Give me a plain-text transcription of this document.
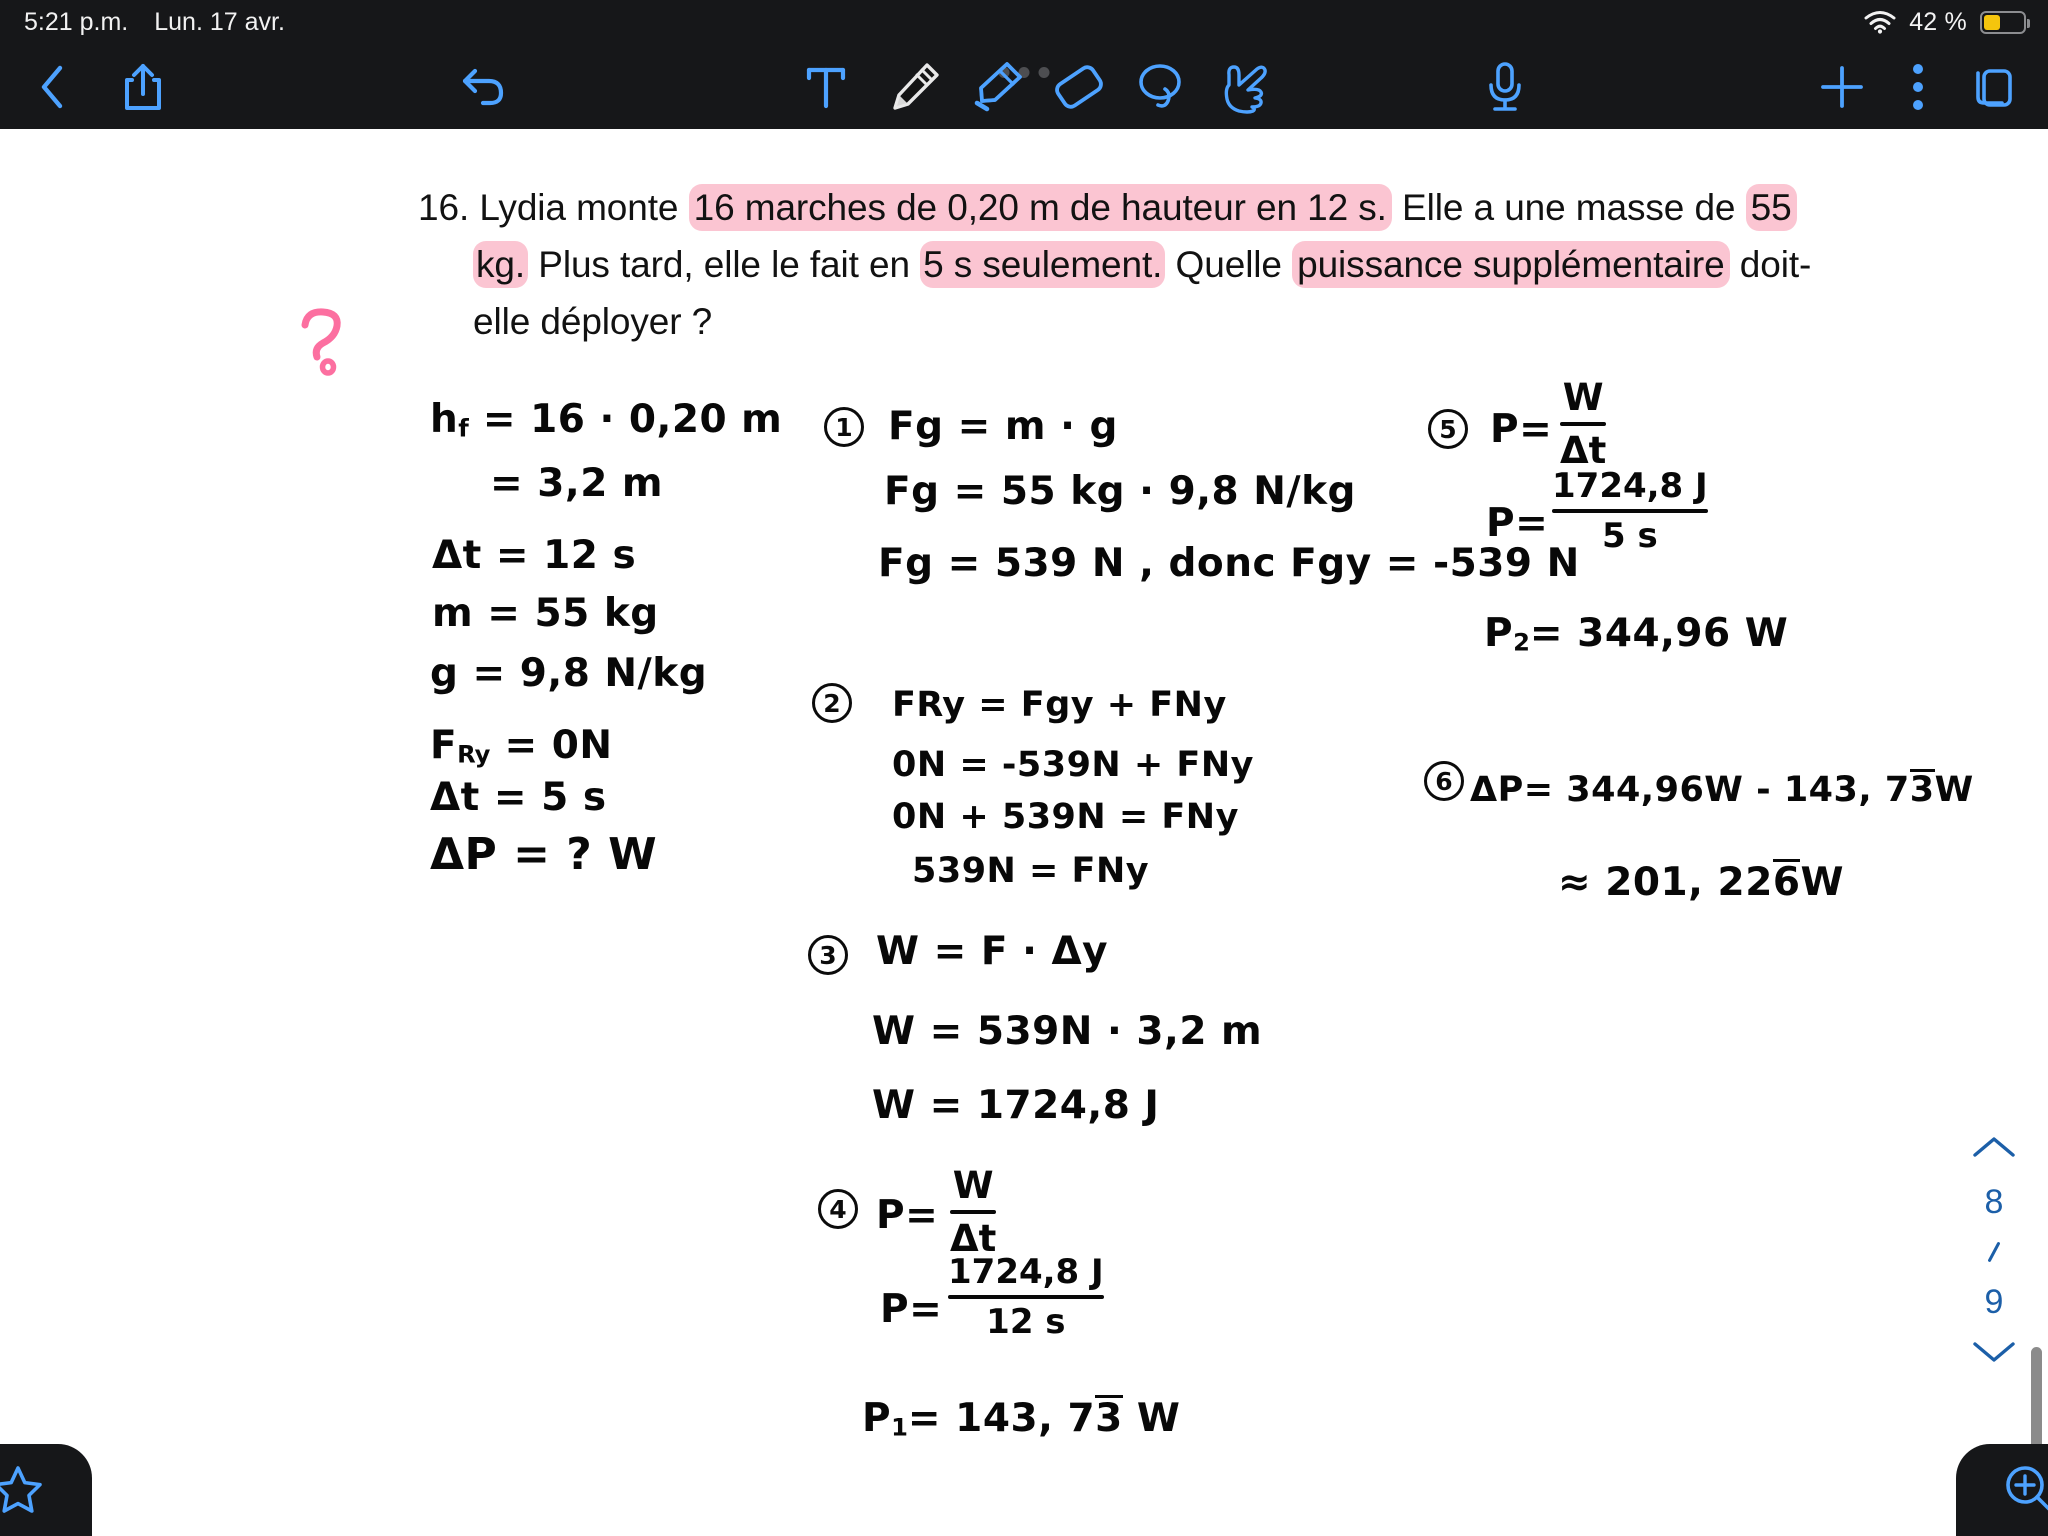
5:21 p.m. Lun. 17 avr.	42 %
16. Lydia monte 16 marches de 0,20 m de hauteur en 12 s. Elle a une masse de 55
kg. Plus tard, elle le fait en 5 s seulement. Quelle puissance supplémentaire doit-
elle déployer ?
$h_f = 16 \cdot 0,20$ m
= 3,2 m
Δt = 12 s
m = 55 kg
g = 9,8 N/kg
$F_{Ry} = 0N$
Δt = 5 s
ΔP = ? W
1 Fg = m · g
Fg = 55 kg · 9,8 N/kg
Fg = 539 N , donc Fgy = -539 N
2	FRy = Fgy + FNy
0N = -539N + FNy
0N + 539N = FNy
539N = FNy
3 W = F · Δy
W = 539N · 3,2 m
W = 1724,8 J
4 P=
W
Δt
P=
1724,8 J
12 s
$P_1= 143$, 73 W
5 P=
W
Δt
P=
1724,8 J
5 s
$P_2= 344,96$ W
6 ΔP= 344,96W - 143, 73W
≈ 201, 226W
8
9
